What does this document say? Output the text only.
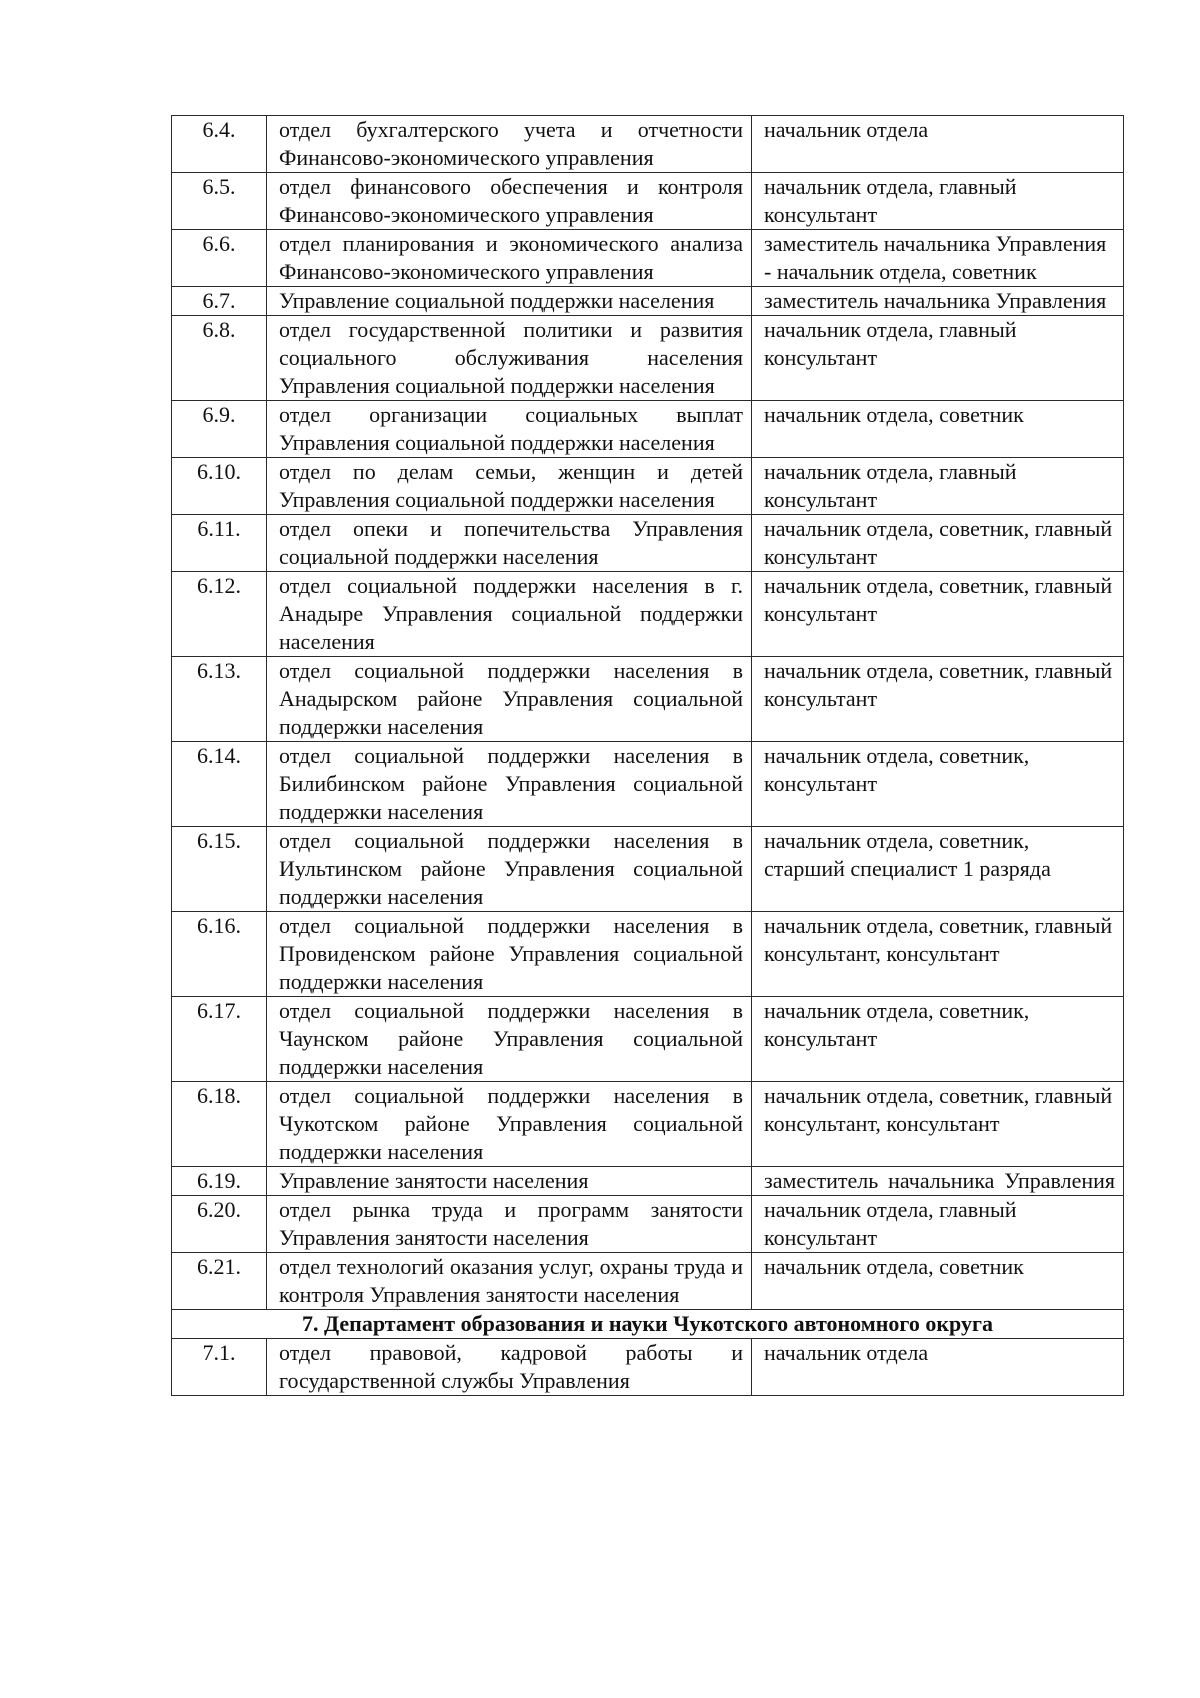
6.4.	отдел бухгалтерского учета и отчетности Финансово-экономического управления	начальник отдела
6.5.	отдел финансового обеспечения и контроля Финансово-экономического управления	начальник отдела, главный консультант
6.6.	отдел планирования и экономического анализа Финансово-экономического управления	заместитель начальника Управления - начальник отдела, советник
6.7.	Управление социальной поддержки населения	заместитель начальника Управления
6.8.	отдел государственной политики и развития социального обслуживания населения Управления социальной поддержки населения	начальник отдела, главный консультант
6.9.	отдел организации социальных выплат Управления социальной поддержки населения	начальник отдела, советник
6.10.	отдел по делам семьи, женщин и детей Управления социальной поддержки населения	начальник отдела, главный консультант
6.11.	отдел опеки и попечительства Управления социальной поддержки населения	начальник отдела, советник, главный консультант
6.12.	отдел социальной поддержки населения в г. Анадыре Управления социальной поддержки населения	начальник отдела, советник, главный консультант
6.13.	отдел социальной поддержки населения в Анадырском районе Управления социальной поддержки населения	начальник отдела, советник, главный консультант
6.14.	отдел социальной поддержки населения в Билибинском районе Управления социальной поддержки населения	начальник отдела, советник, консультант
6.15.	отдел социальной поддержки населения в Иультинском районе Управления социальной поддержки населения	начальник отдела, советник, старший специалист 1 разряда
6.16.	отдел социальной поддержки населения в Провиденском районе Управления социальной поддержки населения	начальник отдела, советник, главный консультант, консультант
6.17.	отдел социальной поддержки населения в Чаунском районе Управления социальной поддержки населения	начальник отдела, советник, консультант
6.18.	отдел социальной поддержки населения в Чукотском районе Управления социальной поддержки населения	начальник отдела, советник, главный консультант, консультант
6.19.	Управление занятости населения	заместитель начальника Управления
6.20.	отдел рынка труда и программ занятости Управления занятости населения	начальник отдела, главный консультант
6.21.	отдел технологий оказания услуг, охраны труда и контроля Управления занятости населения	начальник отдела, советник
7. Департамент образования и науки Чукотского автономного округа		
7.1.	отдел правовой, кадровой работы и государственной службы Управления	начальник отдела
